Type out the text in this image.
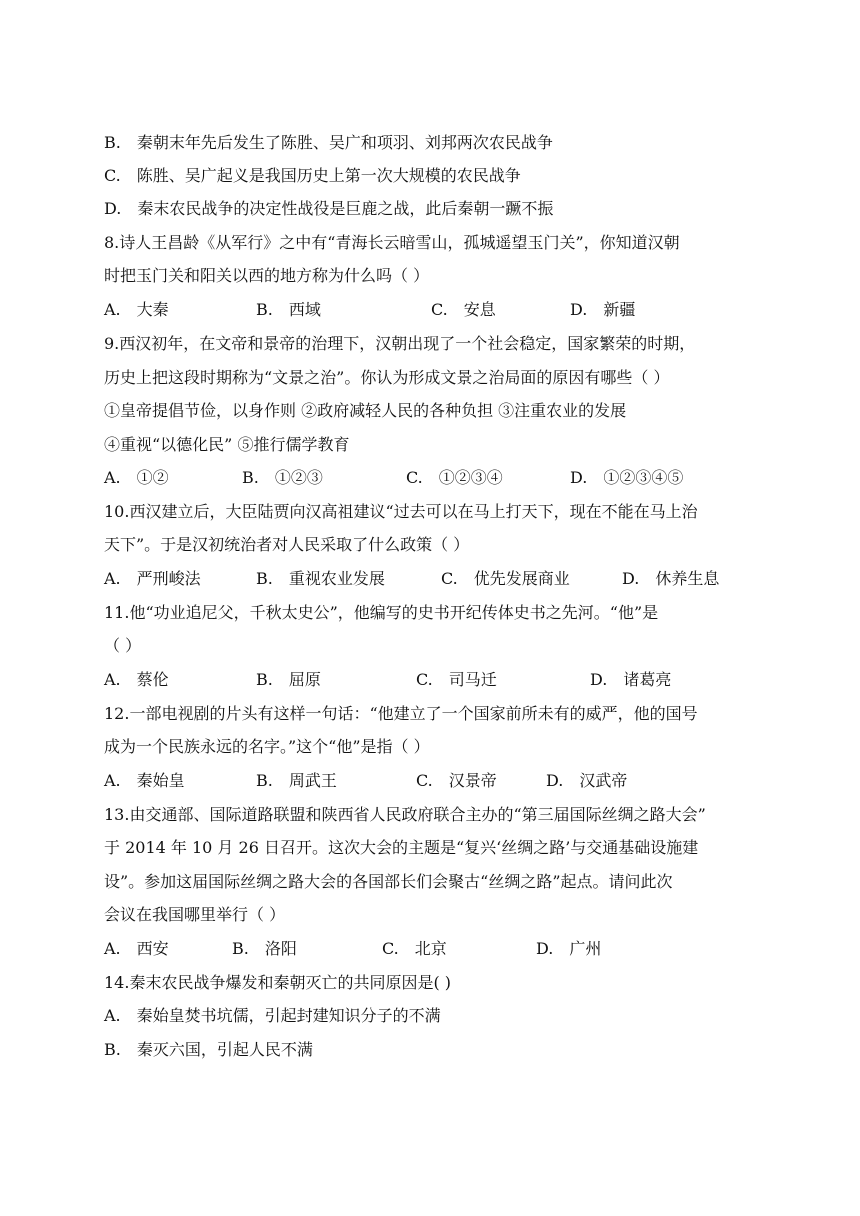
B.　秦朝末年先后发生了陈胜、吴广和项羽、刘邦两次农民战争
C.　陈胜、吴广起义是我国历史上第一次大规模的农民战争
D.　秦末农民战争的决定性战役是巨鹿之战，此后秦朝一蹶不振
8.诗人王昌龄《从军行》之中有“青海长云暗雪山，孤城遥望玉门关”，你知道汉朝
时把玉门关和阳关以西的地方称为什么吗（ ）

A.　大秦

	B.　西域

	C.　安息

	D.　新疆

9.西汉初年，在文帝和景帝的治理下，汉朝出现了一个社会稳定，国家繁荣的时期，
历史上把这段时期称为“文景之治”。你认为形成文景之治局面的原因有哪些（ ）
①皇帝提倡节俭，以身作则 ②政府减轻人民的各种负担 ③注重农业的发展
④重视“以德化民” ⑤推行儒学教育

A.　①②

	B.　①②③

	C.　①②③④

	D.　①②③④⑤

10.西汉建立后，大臣陆贾向汉高祖建议“过去可以在马上打天下，现在不能在马上治
天下”。于是汉初统治者对人民采取了什么政策（ ）

A.　严刑峻法

	B.　重视农业发展

	C.　优先发展商业

	D.　休养生息

11.他“功业追尼父，千秋太史公”，他编写的史书开纪传体史书之先河。“他”是
（ ）

A.　蔡伦

	B.　屈原

	C.　司马迁

	D.　诸葛亮

12.一部电视剧的片头有这样一句话：“他建立了一个国家前所未有的威严，他的国号
成为一个民族永远的名字。”这个“他”是指（ ）

A.　秦始皇

	B.　周武王

	C.　汉景帝

	D.　汉武帝

13.由交通部、国际道路联盟和陕西省人民政府联合主办的“第三届国际丝绸之路大会”
于 2014 年 10 月 26 日召开。这次大会的主题是“复兴‘丝绸之路’与交通基础设施建
设”。参加这届国际丝绸之路大会的各国部长们会聚古“丝绸之路”起点。请问此次
会议在我国哪里举行（ ）

A.　西安

	B.　洛阳

	C.　北京

	D.　广州

14.秦末农民战争爆发和秦朝灭亡的共同原因是( )
A.　秦始皇焚书坑儒，引起封建知识分子的不满
B.　秦灭六国，引起人民不满
